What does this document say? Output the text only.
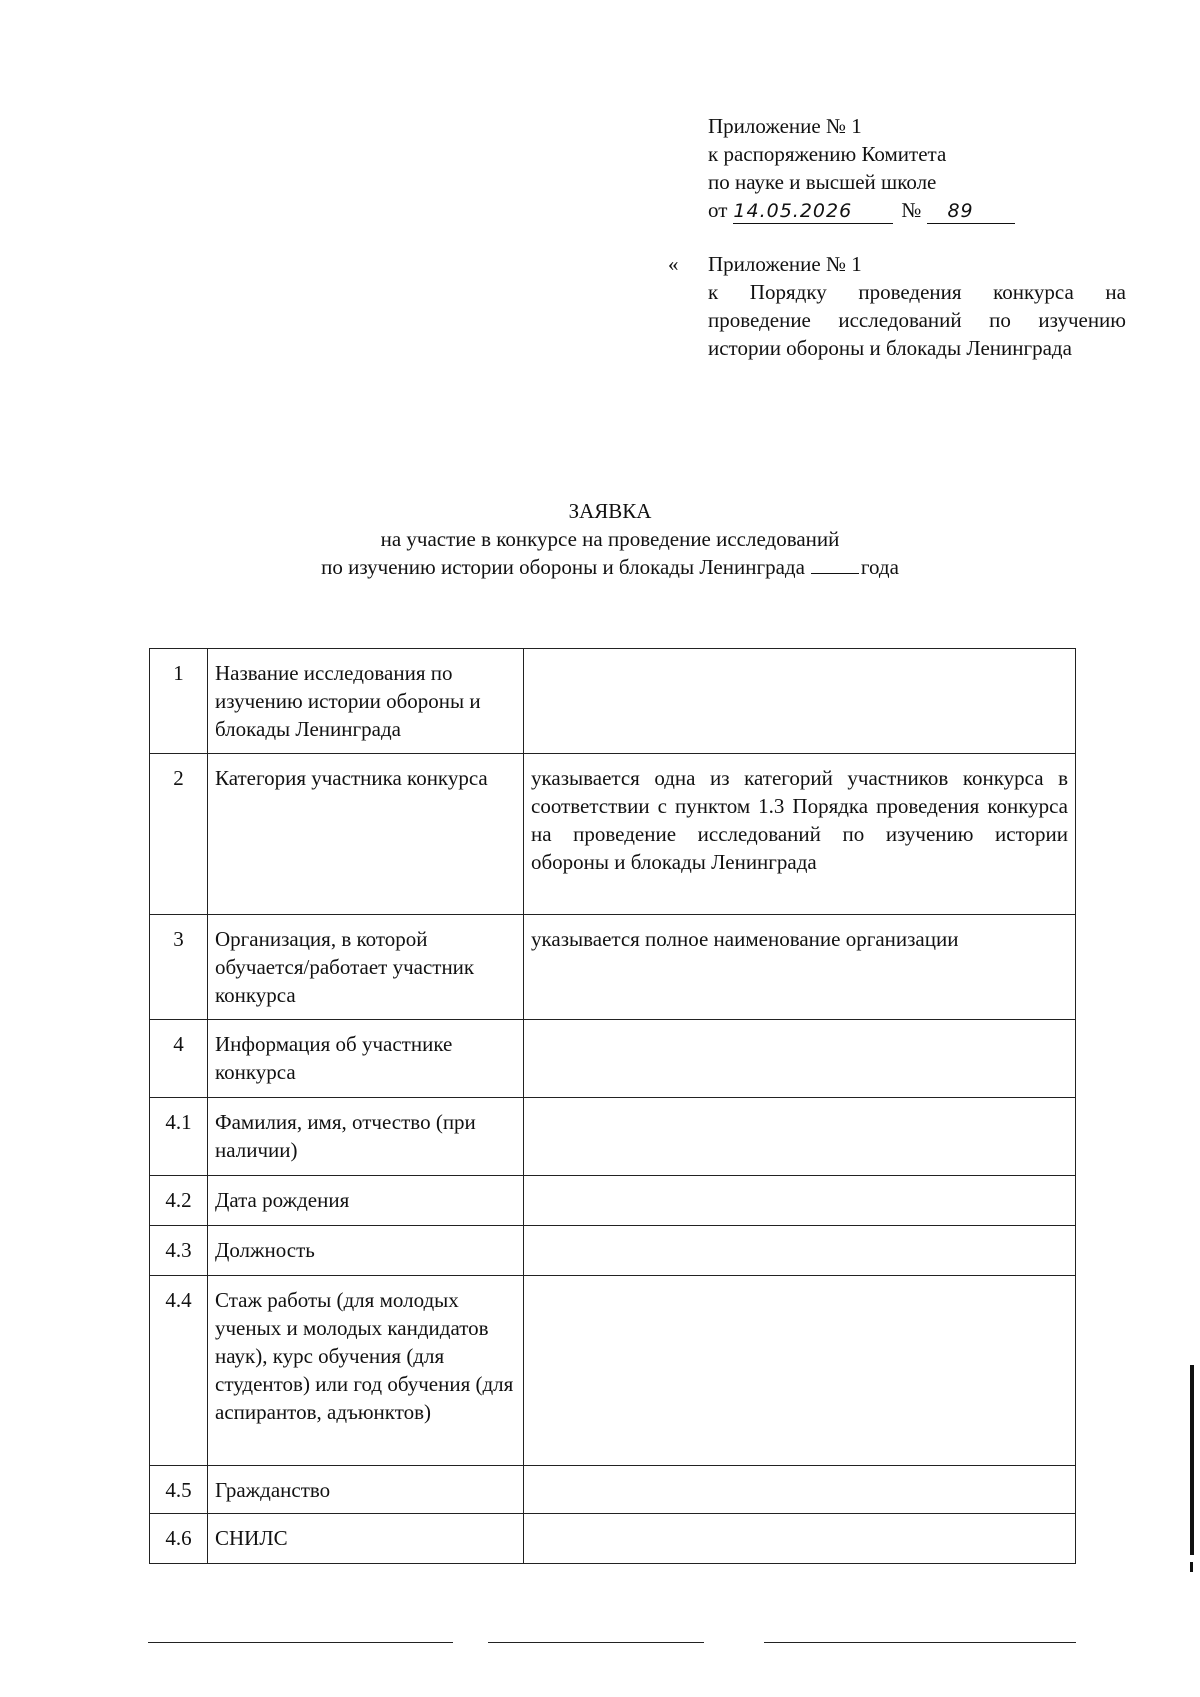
Приложение № 1
к распоряжению Комитета
по науке и высшей школе
от 14.05.2026 № 89
« Приложение № 1
к Порядку проведения конкурса на проведение исследований по изучению истории обороны и блокады Ленинграда
ЗАЯВКА
на участие в конкурсе на проведение исследований
по изучению истории обороны и блокады Ленинграда	года
1	Название исследования по изучению истории обороны и блокады Ленинграда	
2	Категория участника конкурса	указывается одна из категорий участников конкурса в соответствии с пунктом 1.3 Порядка проведения конкурса на проведение исследований по изучению истории обороны и блокады Ленинграда
3	Организация, в которой обучается/работает участник конкурса	указывается полное наименование организации
4	Информация об участнике конкурса	
4.1	Фамилия, имя, отчество (при наличии)	
4.2	Дата рождения	
4.3	Должность	
4.4	Стаж работы (для молодых ученых и молодых кандидатов наук), курс обучения (для студентов) или год обучения (для аспирантов, адъюнктов)	
4.5	Гражданство	
4.6	СНИЛС	
